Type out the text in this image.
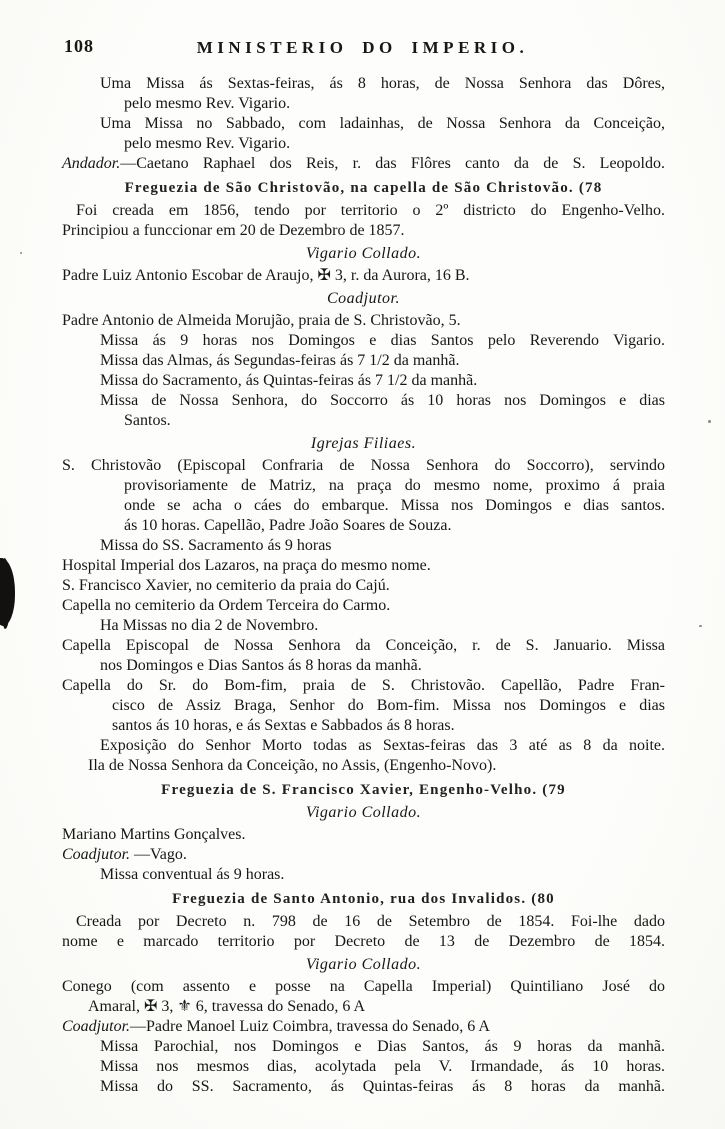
108	MINISTERIO DO IMPERIO.
Uma Missa ás Sextas-feiras, ás 8 horas, de Nossa Senhora das Dôres,
pelo mesmo Rev. Vigario.
Uma Missa no Sabbado, com ladainhas, de Nossa Senhora da Conceição,
pelo mesmo Rev. Vigario.
Andador.—Caetano Raphael dos Reis, r. das Flôres canto da de S. Leopoldo.
Freguezia de São Christovão, na capella de São Christovão. (78
Foi creada em 1856, tendo por territorio o 2º districto do Engenho-Velho.
Principiou a funccionar em 20 de Dezembro de 1857.
Vigario Collado.
Padre Luiz Antonio Escobar de Araujo, ✠ 3, r. da Aurora, 16 B.
Coadjutor.
Padre Antonio de Almeida Morujão, praia de S. Christovão, 5.
Missa ás 9 horas nos Domingos e dias Santos pelo Reverendo Vigario.
Missa das Almas, ás Segundas-feiras ás 7 1/2 da manhã.
Missa do Sacramento, ás Quintas-feiras ás 7 1/2 da manhã.
Missa de Nossa Senhora, do Soccorro ás 10 horas nos Domingos e dias
Santos.
Igrejas Filiaes.
S. Christovão (Episcopal Confraria de Nossa Senhora do Soccorro), servindo
provisoriamente de Matriz, na praça do mesmo nome, proximo á praia
onde se acha o cáes do embarque. Missa nos Domingos e dias santos.
ás 10 horas. Capellão, Padre João Soares de Souza.
Missa do SS. Sacramento ás 9 horas
Hospital Imperial dos Lazaros, na praça do mesmo nome.
S. Francisco Xavier, no cemiterio da praia do Cajú.
Capella no cemiterio da Ordem Terceira do Carmo.
Ha Missas no dia 2 de Novembro.
Capella Episcopal de Nossa Senhora da Conceição, r. de S. Januario. Missa
nos Domingos e Dias Santos ás 8 horas da manhã.
Capella do Sr. do Bom-fim, praia de S. Christovão. Capellão, Padre Fran-
cisco de Assiz Braga, Senhor do Bom-fim. Missa nos Domingos e dias
santos ás 10 horas, e ás Sextas e Sabbados ás 8 horas.
Exposição do Senhor Morto todas as Sextas-feiras das 3 até as 8 da noite.
Ila de Nossa Senhora da Conceição, no Assis, (Engenho-Novo).
Freguezia de S. Francisco Xavier, Engenho-Velho. (79
Vigario Collado.
Mariano Martins Gonçalves.
Coadjutor. —Vago.
Missa conventual ás 9 horas.
Freguezia de Santo Antonio, rua dos Invalidos. (80
Creada por Decreto n. 798 de 16 de Setembro de 1854. Foi-lhe dado
nome e marcado territorio por Decreto de 13 de Dezembro de 1854.
Vigario Collado.
Conego (com assento e posse na Capella Imperial) Quintiliano José do
Amaral, ✠ 3, ⚜ 6, travessa do Senado, 6 A
Coadjutor.—Padre Manoel Luiz Coimbra, travessa do Senado, 6 A
Missa Parochial, nos Domingos e Dias Santos, ás 9 horas da manhã.
Missa nos mesmos dias, acolytada pela V. Irmandade, ás 10 horas.
Missa do SS. Sacramento, ás Quintas-feiras ás 8 horas da manhã.
